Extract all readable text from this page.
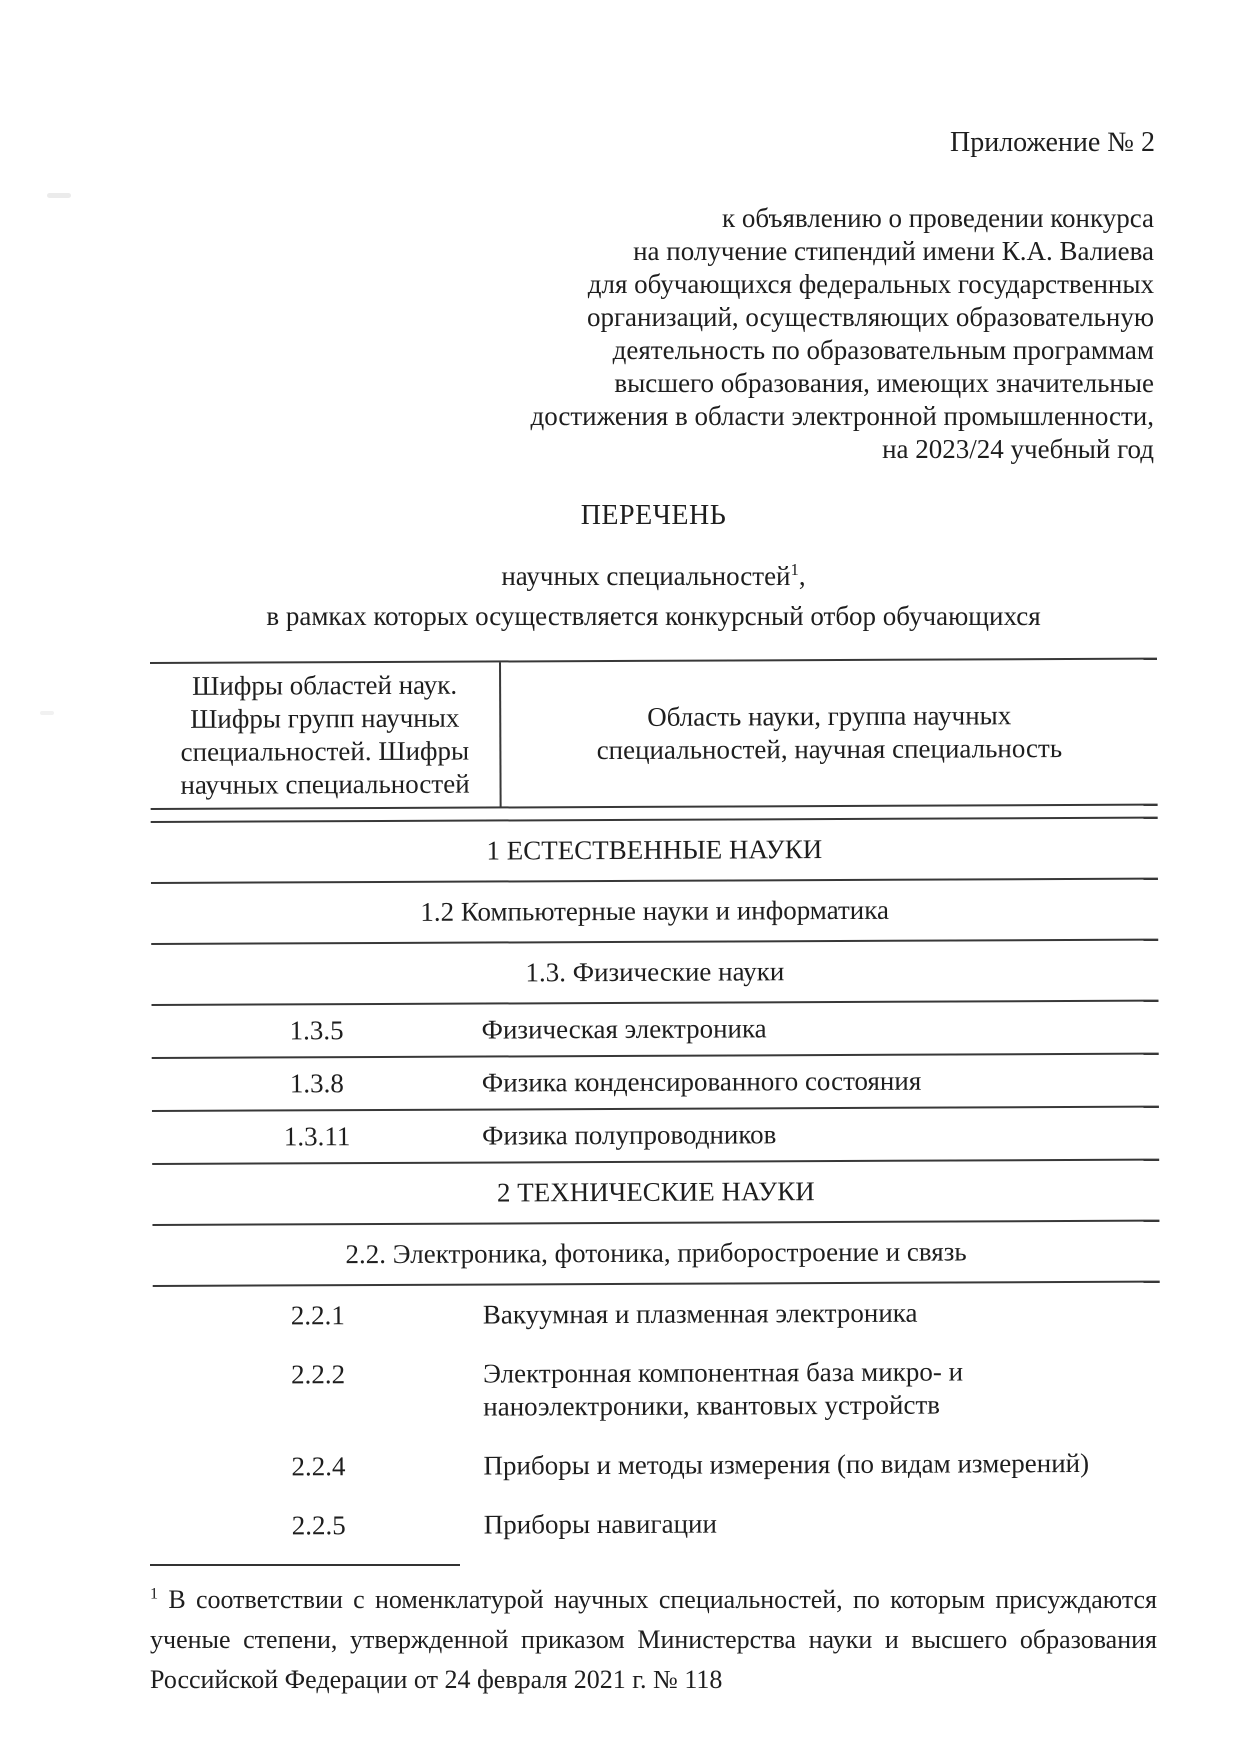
Приложение № 2
к объявлению о проведении конкурса
на получение стипендий имени К.А. Валиева
для обучающихся федеральных государственных
организаций, осуществляющих образовательную
деятельность по образовательным программам
высшего образования, имеющих значительные
достижения в области электронной промышленности,
на 2023/24 учебный год
ПЕРЕЧЕНЬ
научных специальностей$^1$,
в рамках которых осуществляется конкурсный отбор обучающихся
Шифры областей наук. Шифры групп научных специальностей. Шифры научных специальностей
Область науки, группа научных специальностей, научная специальность
1 ЕСТЕСТВЕННЫЕ НАУКИ
1.2 Компьютерные науки и информатика
1.3. Физические науки
1.3.5	Физическая электроника
1.3.8	Физика конденсированного состояния
1.3.11	Физика полупроводников
2 ТЕХНИЧЕСКИЕ НАУКИ
2.2. Электроника, фотоника, приборостроение и связь
2.2.1	Вакуумная и плазменная электроника
2.2.2	Электронная компонентная база микро- и наноэлектроники, квантовых устройств
2.2.4	Приборы и методы измерения (по видам измерений)
2.2.5	Приборы навигации

$^1$ В соответствии с номенклатурой научных специальностей, по которым присуждаются ученые степени, утвержденной приказом Министерства науки и высшего образования Российской Федерации от 24 февраля 2021 г. № 118
